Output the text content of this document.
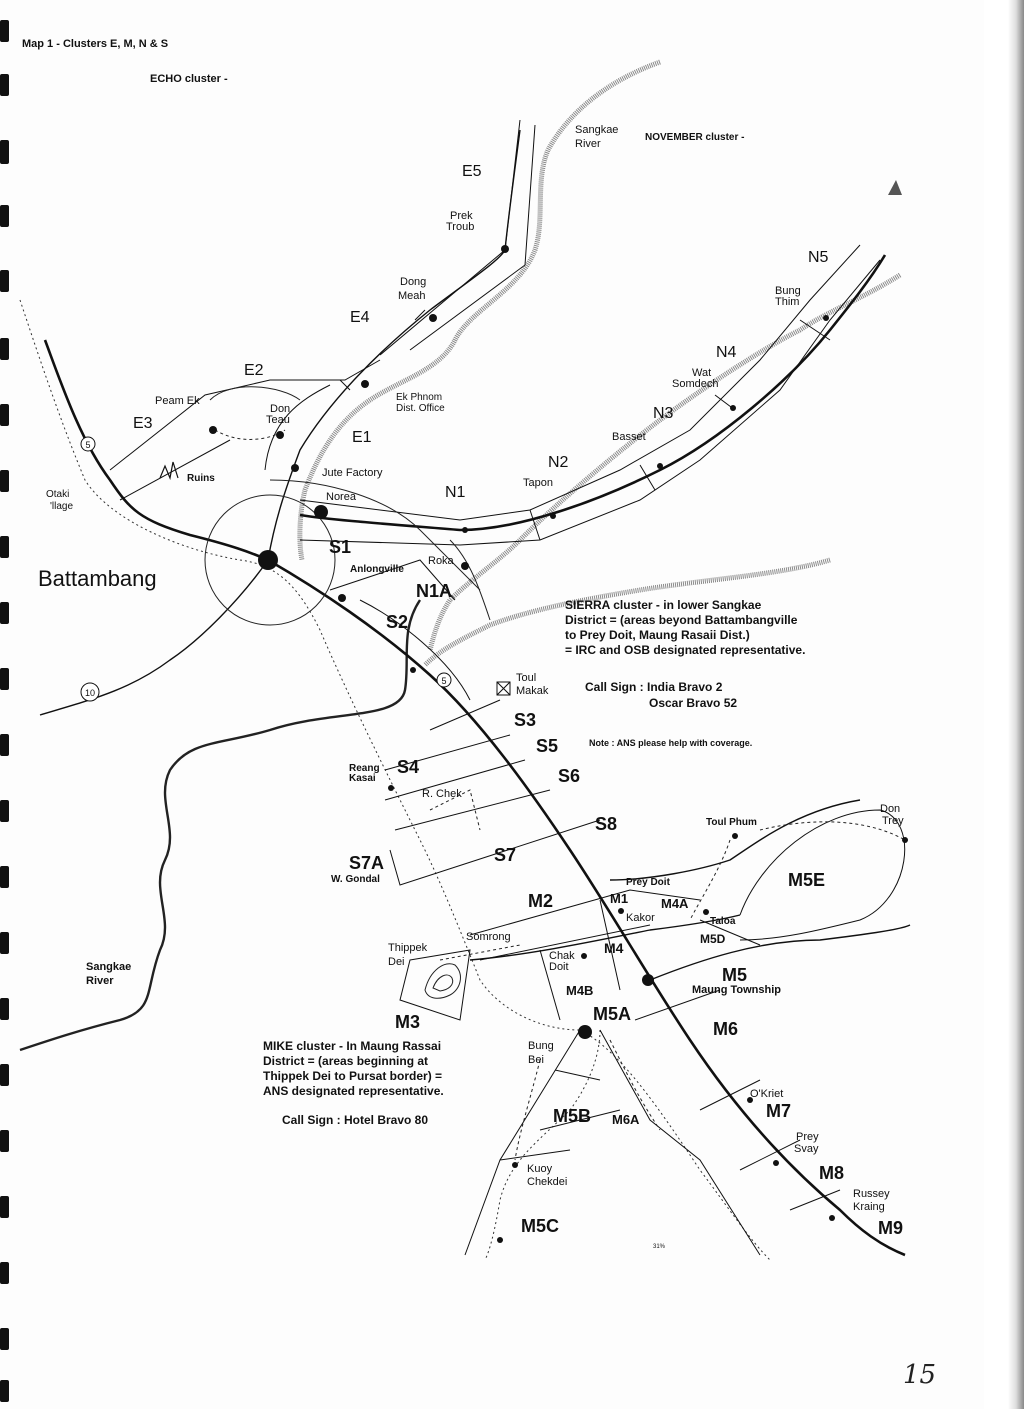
Map 1 - Clusters E, M, N & S
5
10
5
ECHO cluster -
NOVEMBER cluster -
Battambang
Sangkae
River
Prek
Troub
Dong
Meah
Peam Ek
Don
Teau
Ek Phnom
Dist. Office
Ruins
Otaki
'llage
Jute Factory
Norea
Anlongville
Roka
Tapon
Basset
Wat
Somdech
Bung
Thim
Toul
Makak
Reang
Kasai
R. Chek
W. Gondal
Toul Phum
Don
Trey
Prey Doit
Kakor	Taloa
Somrong
Thippek
Dei	Chak
Doit
Maung Township
Bung
Bei
O'Kriet
Prey
Svay
Russey
Kraing
Kuoy
Chekdei
Sangkae
River
31%
E4
E5
E2
E3
E1
N1
N2
N3
N4
N5
N1A
S1
S2
S3
S4
S5
S6
S7
S7A
S8
M1
M2
M3
M4
M4A
M4B
M5
M5A
M5B
M5C
M5D
M5E
M6
M6A	M7
M8
M9
SIERRA cluster - in lower Sangkae
District = (areas beyond Battambangville
to Prey Doit, Maung Rasaii Dist.)
= IRC and OSB designated representative.
Call Sign : India Bravo 2
Oscar Bravo 52
Note : ANS please help with coverage.
MIKE cluster - In Maung Rassai
District = (areas beginning at
Thippek Dei to Pursat border) =
ANS designated representative.
Call Sign : Hotel Bravo 80
15
